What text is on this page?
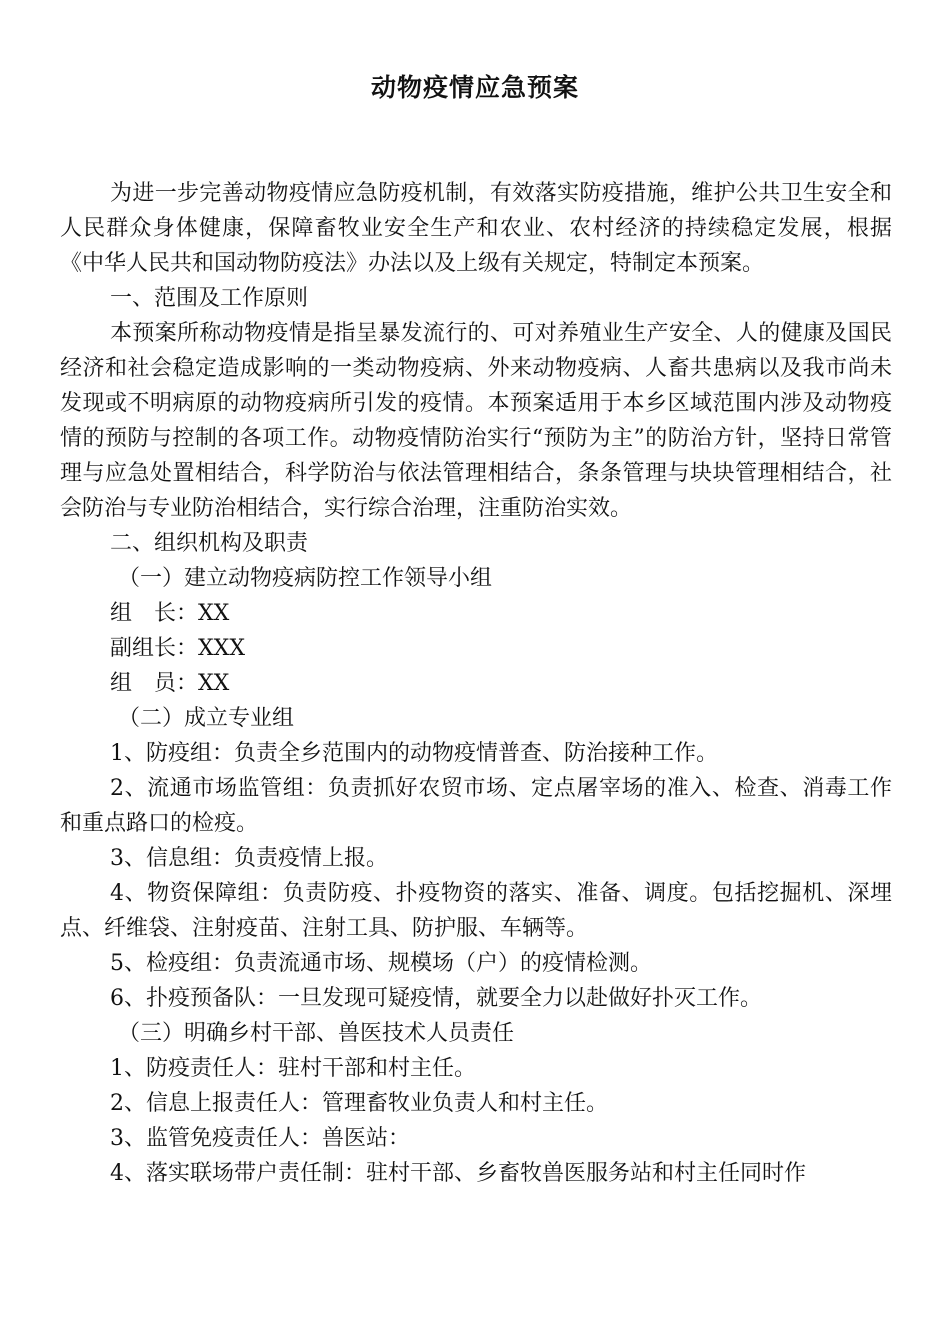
动物疫情应急预案

为进一步完善动物疫情应急防疫机制，有效落实防疫措施，维护公共卫生安全和人民群众身体健康，保障畜牧业安全生产和农业、农村经济的持续稳定发展，根据《中华人民共和国动物防疫法》办法以及上级有关规定，特制定本预案。

一、范围及工作原则

本预案所称动物疫情是指呈暴发流行的、可对养殖业生产安全、人的健康及国民经济和社会稳定造成影响的一类动物疫病、外来动物疫病、人畜共患病以及我市尚未发现或不明病原的动物疫病所引发的疫情。本预案适用于本乡区域范围内涉及动物疫情的预防与控制的各项工作。动物疫情防治实行“预防为主”的防治方针，坚持日常管理与应急处置相结合，科学防治与依法管理相结合，条条管理与块块管理相结合，社会防治与专业防治相结合，实行综合治理，注重防治实效。

二、组织机构及职责

（一）建立动物疫病防控工作领导小组

组　长：XX

副组长：XXX

组　员：XX

（二）成立专业组

1、防疫组：负责全乡范围内的动物疫情普查、防治接种工作。

2、流通市场监管组：负责抓好农贸市场、定点屠宰场的准入、检查、消毒工作和重点路口的检疫。

3、信息组：负责疫情上报。

4、物资保障组：负责防疫、扑疫物资的落实、准备、调度。包括挖掘机、深埋点、纤维袋、注射疫苗、注射工具、防护服、车辆等。

5、检疫组：负责流通市场、规模场（户）的疫情检测。

6、扑疫预备队：一旦发现可疑疫情，就要全力以赴做好扑灭工作。

（三）明确乡村干部、兽医技术人员责任

1、防疫责任人：驻村干部和村主任。

2、信息上报责任人：管理畜牧业负责人和村主任。

3、监管免疫责任人：兽医站：

4、落实联场带户责任制：驻村干部、乡畜牧兽医服务站和村主任同时作
